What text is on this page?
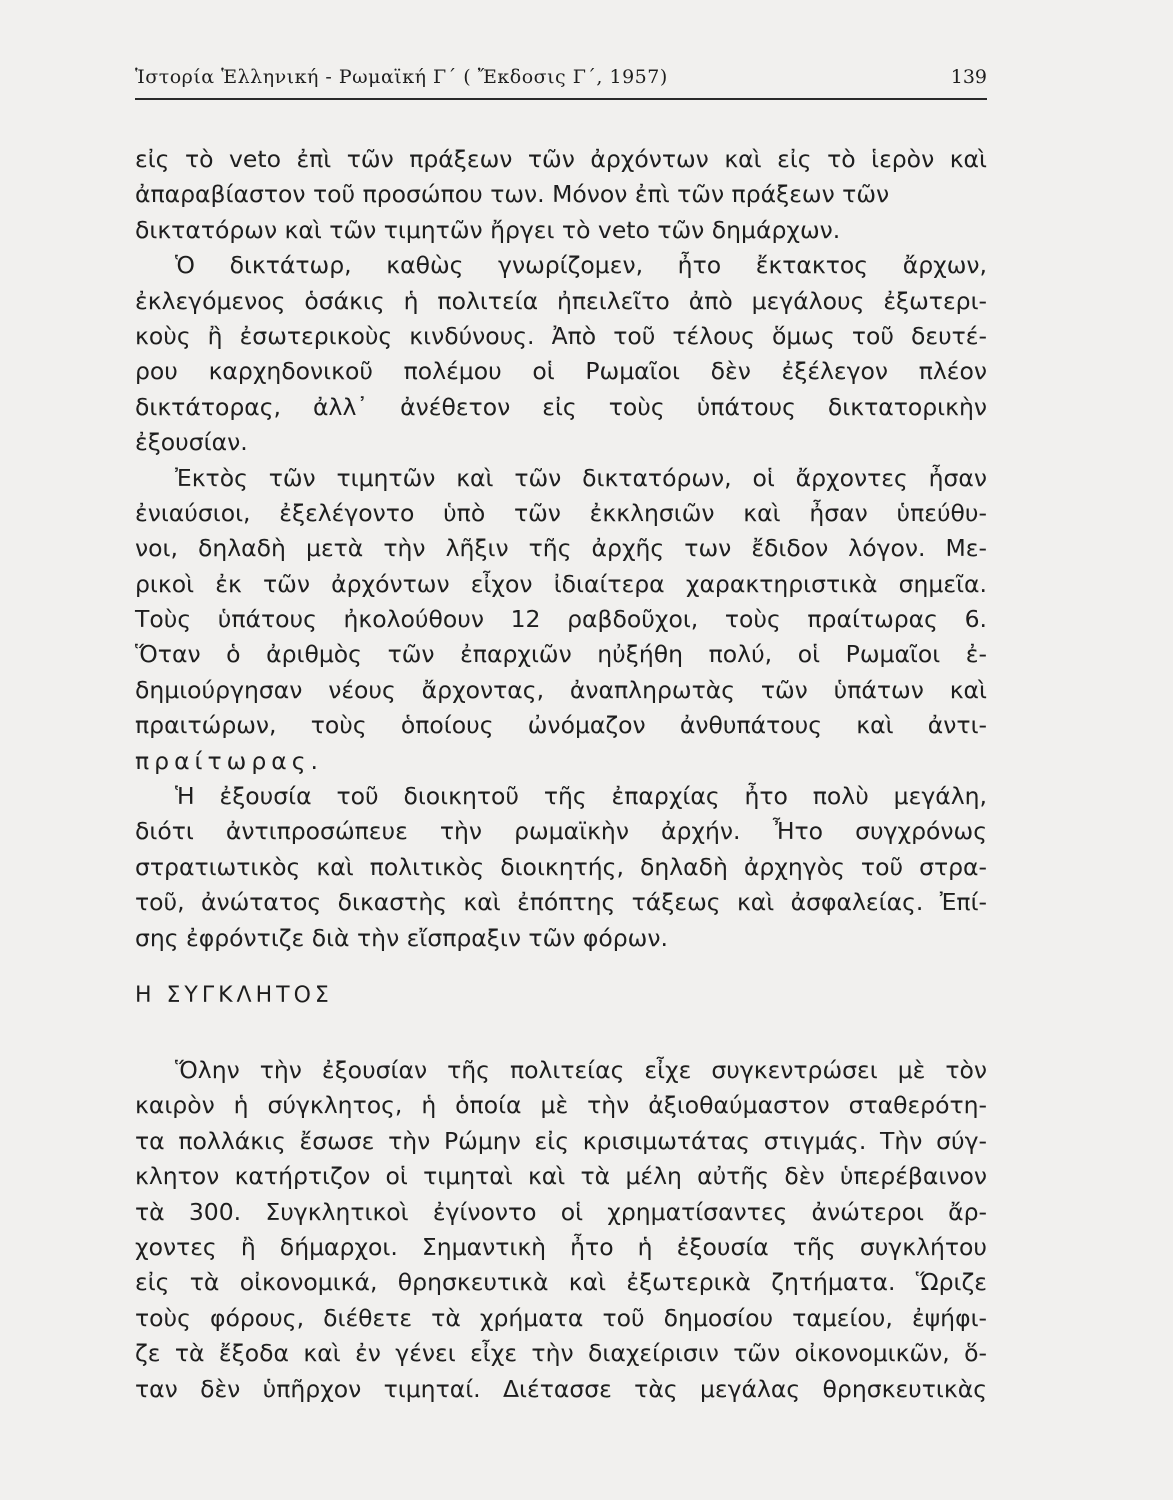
Ἱστορία Ἑλληνική - Ρωμαϊκή Γ΄ ( Ἔκδοσις Γ΄, 1957)	139
εἰς τὸ veto ἐπὶ τῶν πράξεων τῶν ἀρχόντων καὶ εἰς τὸ ἱερὸν καὶ
ἀπαραβίαστον τοῦ προσώπου των. Μόνον ἐπὶ τῶν πράξεων τῶν
δικτατόρων καὶ τῶν τιμητῶν ἤργει τὸ veto τῶν δημάρχων.
Ὁ δικτάτωρ, καθὼς γνωρίζομεν, ἦτο ἔκτακτος ἄρχων,
ἐκλεγόμενος ὁσάκις ἡ πολιτεία ἠπειλεῖτο ἀπὸ μεγάλους ἐξωτερι-
κοὺς ἢ ἐσωτερικοὺς κινδύνους. Ἀπὸ τοῦ τέλους ὅμως τοῦ δευτέ-
ρου καρχηδονικοῦ πολέμου οἱ Ρωμαῖοι δὲν ἐξέλεγον πλέον
δικτάτορας, ἀλλ᾽ ἀνέθετον εἰς τοὺς ὑπάτους δικτατορικὴν
ἐξουσίαν.
Ἐκτὸς τῶν τιμητῶν καὶ τῶν δικτατόρων, οἱ ἄρχοντες ἦσαν
ἐνιαύσιοι, ἐξελέγοντο ὑπὸ τῶν ἐκκλησιῶν καὶ ἦσαν ὑπεύθυ-
νοι, δηλαδὴ μετὰ τὴν λῆξιν τῆς ἀρχῆς των ἔδιδον λόγον. Με-
ρικοὶ ἐκ τῶν ἀρχόντων εἶχον ἰδιαίτερα χαρακτηριστικὰ σημεῖα.
Τοὺς ὑπάτους ἠκολούθουν 12 ραβδοῦχοι, τοὺς πραίτωρας 6.
Ὅταν ὁ ἀριθμὸς τῶν ἐπαρχιῶν ηὐξήθη πολύ, οἱ Ρωμαῖοι ἐ-
δημιούργησαν νέους ἄρχοντας, ἀναπληρωτὰς τῶν ὑπάτων καὶ
πραιτώρων, τοὺς ὁποίους ὠνόμαζον ἀνθυπάτους καὶ ἀντι-
πραίτωρας.
Ἡ ἐξουσία τοῦ διοικητοῦ τῆς ἐπαρχίας ἦτο πολὺ μεγάλη,
διότι ἀντιπροσώπευε τὴν ρωμαϊκὴν ἀρχήν. Ἦτο συγχρόνως
στρατιωτικὸς καὶ πολιτικὸς διοικητής, δηλαδὴ ἀρχηγὸς τοῦ στρα-
τοῦ, ἀνώτατος δικαστὴς καὶ ἐπόπτης τάξεως καὶ ἀσφαλείας. Ἐπί-
σης ἐφρόντιζε διὰ τὴν εἴσπραξιν τῶν φόρων.
Η ΣΥΓΚΛΗΤΟΣ
Ὅλην τὴν ἐξουσίαν τῆς πολιτείας εἶχε συγκεντρώσει μὲ τὸν
καιρὸν ἡ σύγκλητος, ἡ ὁποία μὲ τὴν ἀξιοθαύμαστον σταθερότη-
τα πολλάκις ἔσωσε τὴν Ρώμην εἰς κρισιμωτάτας στιγμάς. Τὴν σύγ-
κλητον κατήρτιζον οἱ τιμηταὶ καὶ τὰ μέλη αὐτῆς δὲν ὑπερέβαινον
τὰ 300. Συγκλητικοὶ ἐγίνοντο οἱ χρηματίσαντες ἀνώτεροι ἄρ-
χοντες ἢ δήμαρχοι. Σημαντικὴ ἦτο ἡ ἐξουσία τῆς συγκλήτου
εἰς τὰ οἰκονομικά, θρησκευτικὰ καὶ ἐξωτερικὰ ζητήματα. Ὥριζε
τοὺς φόρους, διέθετε τὰ χρήματα τοῦ δημοσίου ταμείου, ἐψήφι-
ζε τὰ ἔξοδα καὶ ἐν γένει εἶχε τὴν διαχείρισιν τῶν οἰκονομικῶν, ὅ-
ταν δὲν ὑπῆρχον τιμηταί. Διέτασσε τὰς μεγάλας θρησκευτικὰς
